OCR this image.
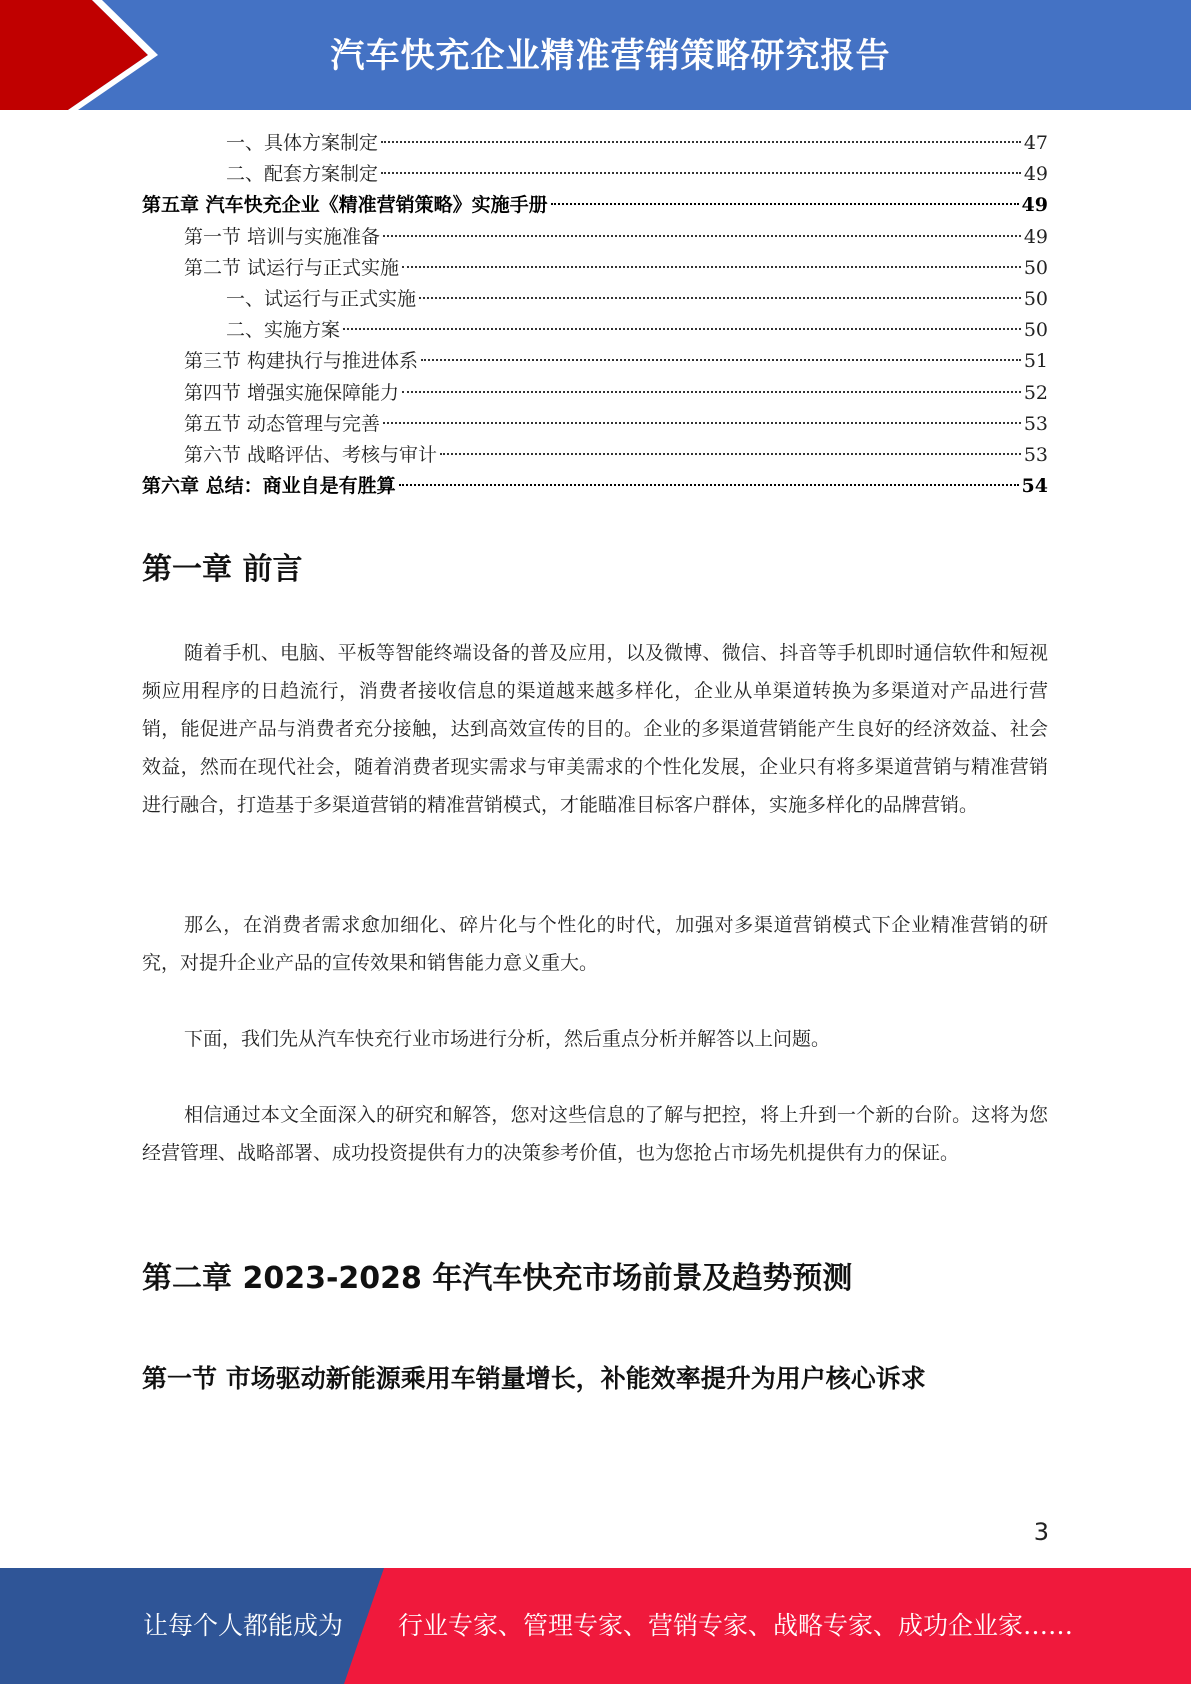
汽车快充企业精准营销策略研究报告
一、具体方案制定	47
二、配套方案制定	49
第五章 汽车快充企业《精准营销策略》实施手册	49
第一节 培训与实施准备	49
第二节 试运行与正式实施	50
一、试运行与正式实施	50
二、实施方案	50
第三节 构建执行与推进体系	51
第四节 增强实施保障能力	52
第五节 动态管理与完善	53
第六节 战略评估、考核与审计	53
第六章 总结：商业自是有胜算	54
第一章 前言

随着手机、电脑、平板等智能终端设备的普及应用，以及微博、微信、抖音等手机即时通信软件和短视频应用程序的日趋流行，消费者接收信息的渠道越来越多样化，企业从单渠道转换为多渠道对产品进行营销，能促进产品与消费者充分接触，达到高效宣传的目的。企业的多渠道营销能产生良好的经济效益、社会效益，然而在现代社会，随着消费者现实需求与审美需求的个性化发展，企业只有将多渠道营销与精准营销进行融合，打造基于多渠道营销的精准营销模式，才能瞄准目标客户群体，实施多样化的品牌营销。

那么，在消费者需求愈加细化、碎片化与个性化的时代，加强对多渠道营销模式下企业精准营销的研究，对提升企业产品的宣传效果和销售能力意义重大。

下面，我们先从汽车快充行业市场进行分析，然后重点分析并解答以上问题。

相信通过本文全面深入的研究和解答，您对这些信息的了解与把控，将上升到一个新的台阶。这将为您经营管理、战略部署、成功投资提供有力的决策参考价值，也为您抢占市场先机提供有力的保证。

第二章 2023-2028 年汽车快充市场前景及趋势预测
第一节 市场驱动新能源乘用车销量增长，补能效率提升为用户核心诉求
3
让每个人都能成为 行业专家、管理专家、营销专家、战略专家、成功企业家……
